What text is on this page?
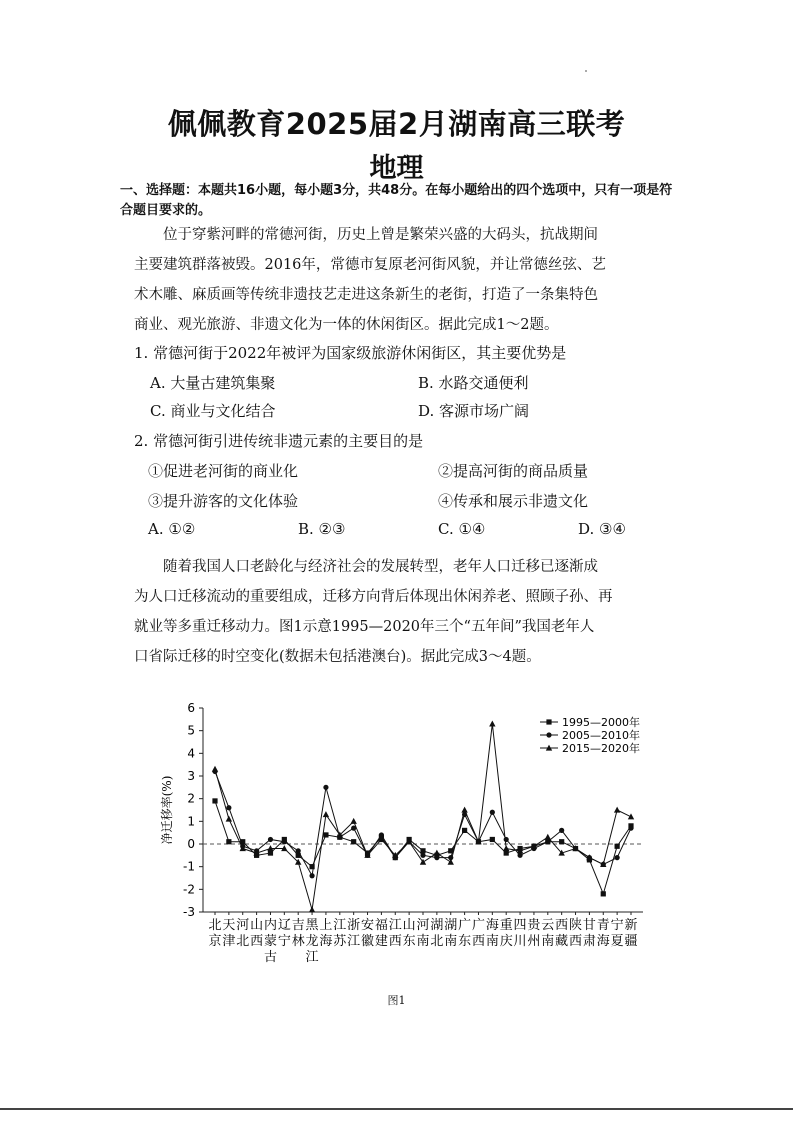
佩佩教育2025届2月湖南高三联考
地理
一、选择题：本题共16小题，每小题3分，共48分。在每小题给出的四个选项中，只有一项是符合题目要求的。

位于穿紫河畔的常德河街，历史上曾是繁荣兴盛的大码头，抗战期间

主要建筑群落被毁。2016年，常德市复原老河街风貌，并让常德丝弦、艺

术木雕、麻质画等传统非遗技艺走进这条新生的老街，打造了一条集特色

商业、观光旅游、非遗文化为一体的休闲街区。据此完成1～2题。

1. 常德河街于2022年被评为国家级旅游休闲街区，其主要优势是
A. 大量古建筑集聚	B. 水路交通便利
C. 商业与文化结合	D. 客源市场广阔
2. 常德河街引进传统非遗元素的主要目的是
①促进老河街的商业化	②提高河街的商品质量
③提升游客的文化体验	④传承和展示非遗文化
A. ①②	B. ②③	C. ①④	D. ③④

随着我国人口老龄化与经济社会的发展转型，老年人口迁移已逐渐成

为人口迁移流动的重要组成，迁移方向背后体现出休闲养老、照顾子孙、再

就业等多重迁移动力。图1示意1995—2020年三个“五年间”我国老年人

口省际迁移的时空变化(数据未包括港澳台)。据此完成3～4题。

-3
-2
-1
0
1
2
3
4
5
6
净迁移率(%)
北京
天津
河北
山西
内蒙古
辽宁
吉林
黑龙江
上海
江苏
浙江
安徽
福建
江西
山东
河南
湖北
湖南
广东
广西
海南
重庆
四川
贵州
云南
西藏
陕西
甘肃
青海
宁夏
新疆
1995—2000年
2005—2010年
2015—2020年
图1
